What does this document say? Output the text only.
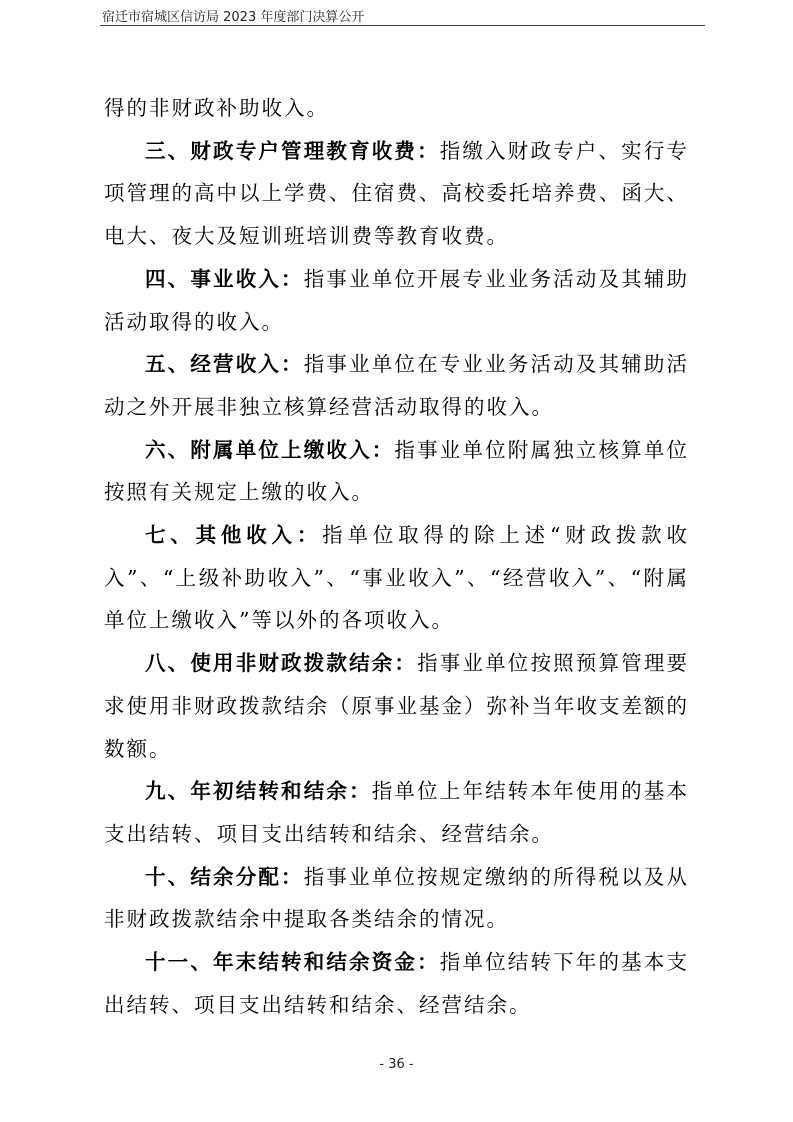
宿迁市宿城区信访局 2023 年度部门决算公开

得的非财政补助收入。

三、财政专户管理教育收费：指缴入财政专户、实行专项管理的高中以上学费、住宿费、高校委托培养费、函大、电大、夜大及短训班培训费等教育收费。

四、事业收入：指事业单位开展专业业务活动及其辅助活动取得的收入。

五、经营收入：指事业单位在专业业务活动及其辅助活动之外开展非独立核算经营活动取得的收入。

六、附属单位上缴收入：指事业单位附属独立核算单位按照有关规定上缴的收入。

七、其他收入：指单位取得的除上述“财政拨款收入”、“上级补助收入”、“事业收入”、“经营收入”、“附属单位上缴收入”等以外的各项收入。

八、使用非财政拨款结余：指事业单位按照预算管理要求使用非财政拨款结余（原事业基金）弥补当年收支差额的数额。

九、年初结转和结余：指单位上年结转本年使用的基本支出结转、项目支出结转和结余、经营结余。

十、结余分配：指事业单位按规定缴纳的所得税以及从非财政拨款结余中提取各类结余的情况。

十一、年末结转和结余资金：指单位结转下年的基本支出结转、项目支出结转和结余、经营结余。

- 36 -
